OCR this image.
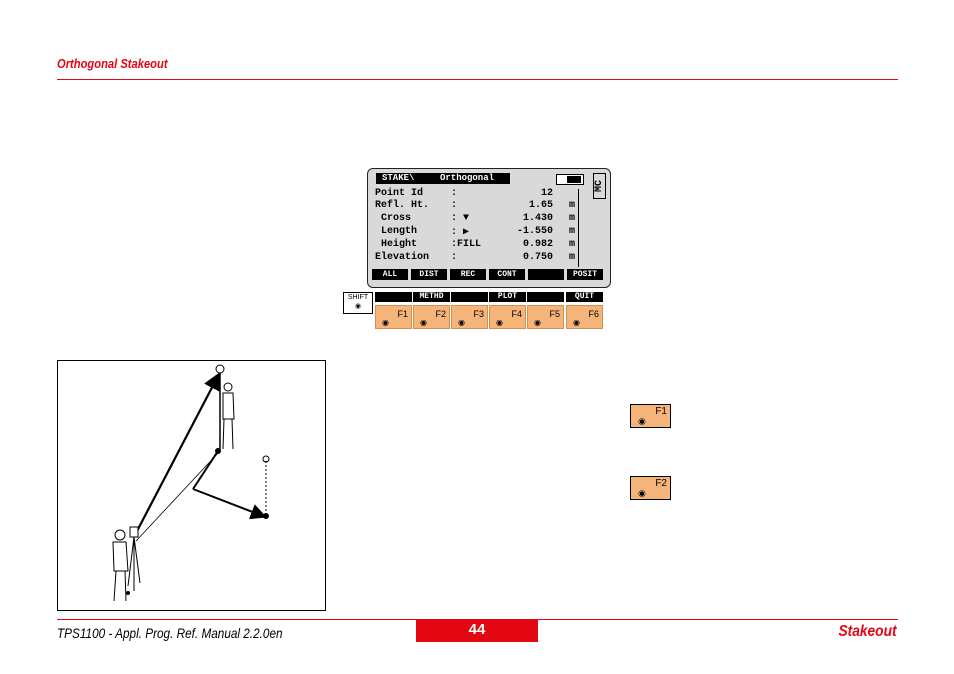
Orthogonal Stakeout
STAKE\	Orthogonal
MC
Point Id	:	12
Refl. Ht. :	1.65 m
Cross	: ▼	1.430 m
Length	: ▶	-1.550 m
Height	:FILL	0.982 m
Elevation :	0.750 m
ALL	DIST	REC	CONT	POSIT
SHIFT
◉
METHD	PLOT	QUIT
F1
◉
F2
◉
F3
◉
F4
◉
F5
◉
F6
◉
F1
◉
F2
◉
TPS1100 - Appl. Prog. Ref. Manual 2.2.0en	44	Stakeout
